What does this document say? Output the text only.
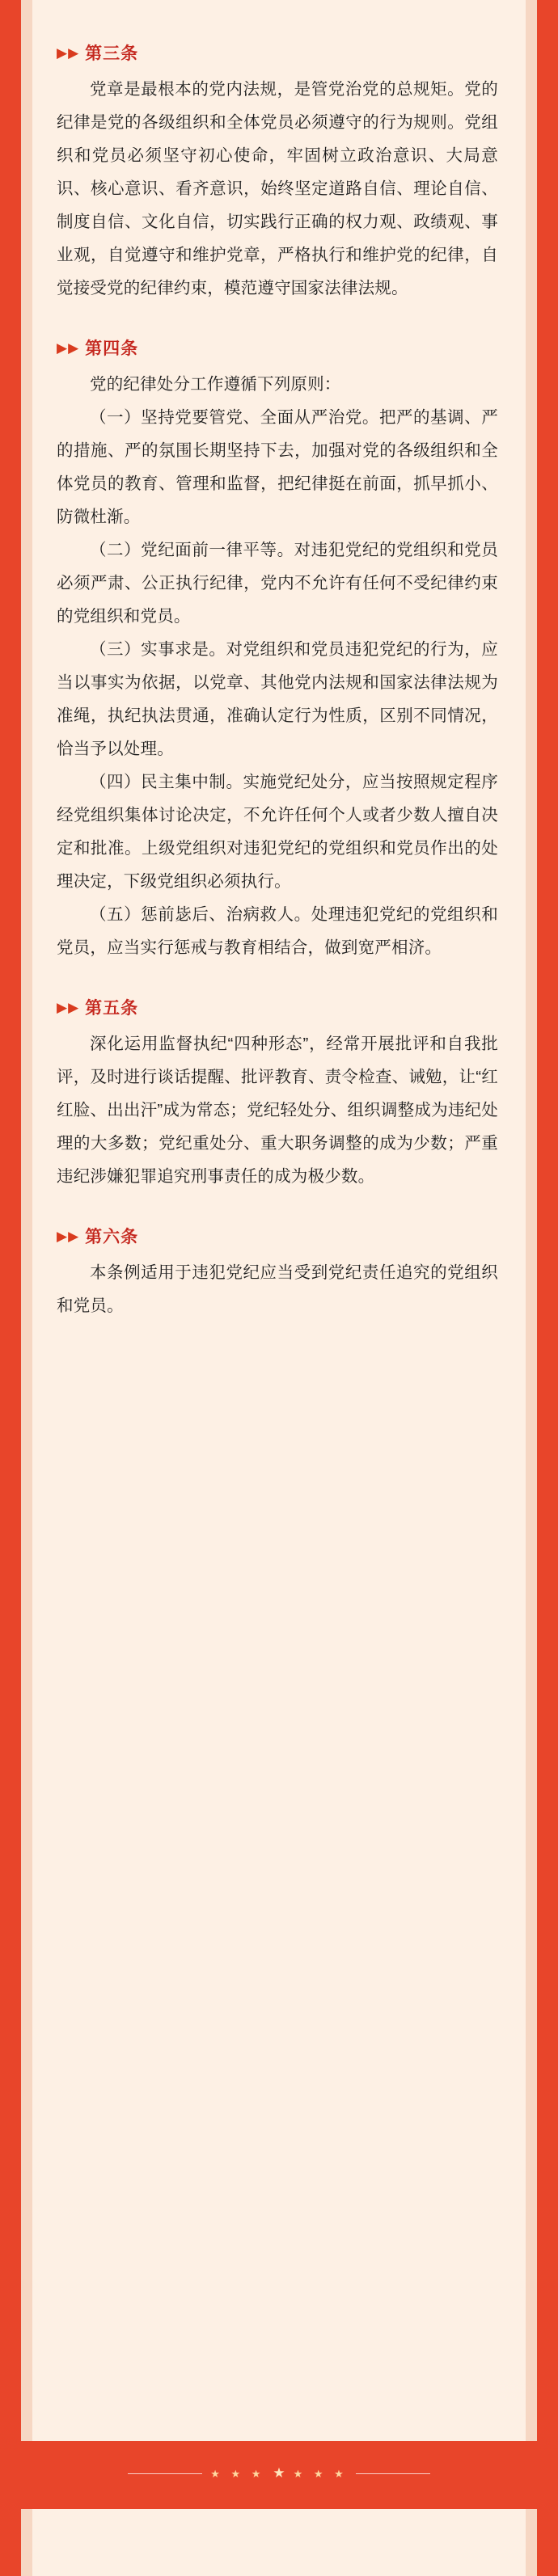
▶▶ 第三条

党章是最根本的党内法规，是管党治党的总规矩。党的纪律是党的各级组织和全体党员必须遵守的行为规则。党组织和党员必须坚守初心使命，牢固树立政治意识、大局意识、核心意识、看齐意识，始终坚定道路自信、理论自信、制度自信、文化自信，切实践行正确的权力观、政绩观、事业观，自觉遵守和维护党章，严格执行和维护党的纪律，自觉接受党的纪律约束，模范遵守国家法律法规。

▶▶ 第四条

党的纪律处分工作遵循下列原则：

（一）坚持党要管党、全面从严治党。把严的基调、严的措施、严的氛围长期坚持下去，加强对党的各级组织和全体党员的教育、管理和监督，把纪律挺在前面，抓早抓小、防微杜渐。

（二）党纪面前一律平等。对违犯党纪的党组织和党员必须严肃、公正执行纪律，党内不允许有任何不受纪律约束的党组织和党员。

（三）实事求是。对党组织和党员违犯党纪的行为，应当以事实为依据，以党章、其他党内法规和国家法律法规为准绳，执纪执法贯通，准确认定行为性质，区别不同情况，恰当予以处理。

（四）民主集中制。实施党纪处分，应当按照规定程序经党组织集体讨论决定，不允许任何个人或者少数人擅自决定和批准。上级党组织对违犯党纪的党组织和党员作出的处理决定，下级党组织必须执行。

（五）惩前毖后、治病救人。处理违犯党纪的党组织和党员，应当实行惩戒与教育相结合，做到宽严相济。

▶▶ 第五条

深化运用监督执纪“四种形态”，经常开展批评和自我批评，及时进行谈话提醒、批评教育、责令检查、诫勉，让“红红脸、出出汗”成为常态；党纪轻处分、组织调整成为违纪处理的大多数；党纪重处分、重大职务调整的成为少数；严重违纪涉嫌犯罪追究刑事责任的成为极少数。

▶▶ 第六条

本条例适用于违犯党纪应当受到党纪责任追究的党组织和党员。

★ ★ ★ ★ ★ ★ ★
